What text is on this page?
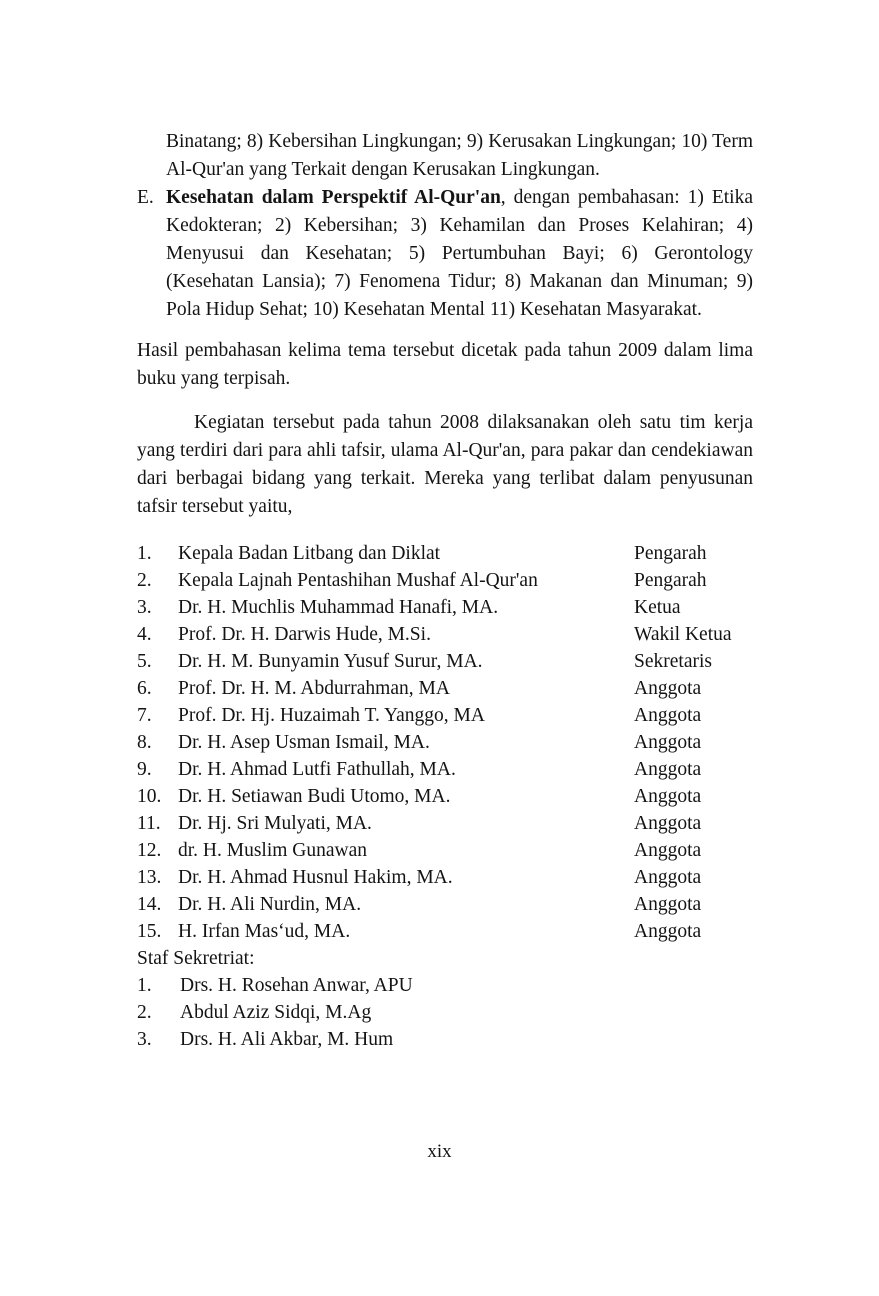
Binatang; 8) Kebersihan Lingkungan; 9) Kerusakan Lingkungan; 10) Term Al-Qur'an yang Terkait dengan Kerusakan Lingkungan.
E. Kesehatan dalam Perspektif Al-Qur'an, dengan pembahasan: 1) Etika Kedokteran; 2) Kebersihan; 3) Kehamilan dan Proses Kelahiran; 4) Menyusui dan Kesehatan; 5) Pertumbuhan Bayi; 6) Gerontology (Kesehatan Lansia); 7) Fenomena Tidur; 8) Makanan dan Minuman; 9) Pola Hidup Sehat; 10) Kesehatan Mental 11) Kesehatan Masyarakat.
Hasil pembahasan kelima tema tersebut dicetak pada tahun 2009 dalam lima buku yang terpisah.
Kegiatan tersebut pada tahun 2008 dilaksanakan oleh satu tim kerja yang terdiri dari para ahli tafsir, ulama Al-Qur'an, para pakar dan cendekiawan dari berbagai bidang yang terkait. Mereka yang terlibat dalam penyusunan tafsir tersebut yaitu,
1.	Kepala Badan Litbang dan Diklat	Pengarah
2.	Kepala Lajnah Pentashihan Mushaf Al-Qur'an	Pengarah
3.	Dr. H. Muchlis Muhammad Hanafi, MA.	Ketua
4.	Prof. Dr. H. Darwis Hude, M.Si.	Wakil Ketua
5.	Dr. H. M. Bunyamin Yusuf Surur, MA.	Sekretaris
6.	Prof. Dr. H. M. Abdurrahman, MA	Anggota
7.	Prof. Dr. Hj. Huzaimah T. Yanggo, MA	Anggota
8.	Dr. H. Asep Usman Ismail, MA.	Anggota
9.	Dr. H. Ahmad Lutfi Fathullah, MA.	Anggota
10. Dr. H. Setiawan Budi Utomo, MA.	Anggota
11. Dr. Hj. Sri Mulyati, MA.	Anggota
12. dr. H. Muslim Gunawan	Anggota
13. Dr. H. Ahmad Husnul Hakim, MA.	Anggota
14. Dr. H. Ali Nurdin, MA.	Anggota
15. H. Irfan Masʻud, MA.	Anggota
Staf Sekretriat:
1.	Drs. H. Rosehan Anwar, APU
2.	Abdul Aziz Sidqi, M.Ag
3.	Drs. H. Ali Akbar, M. Hum
xix
